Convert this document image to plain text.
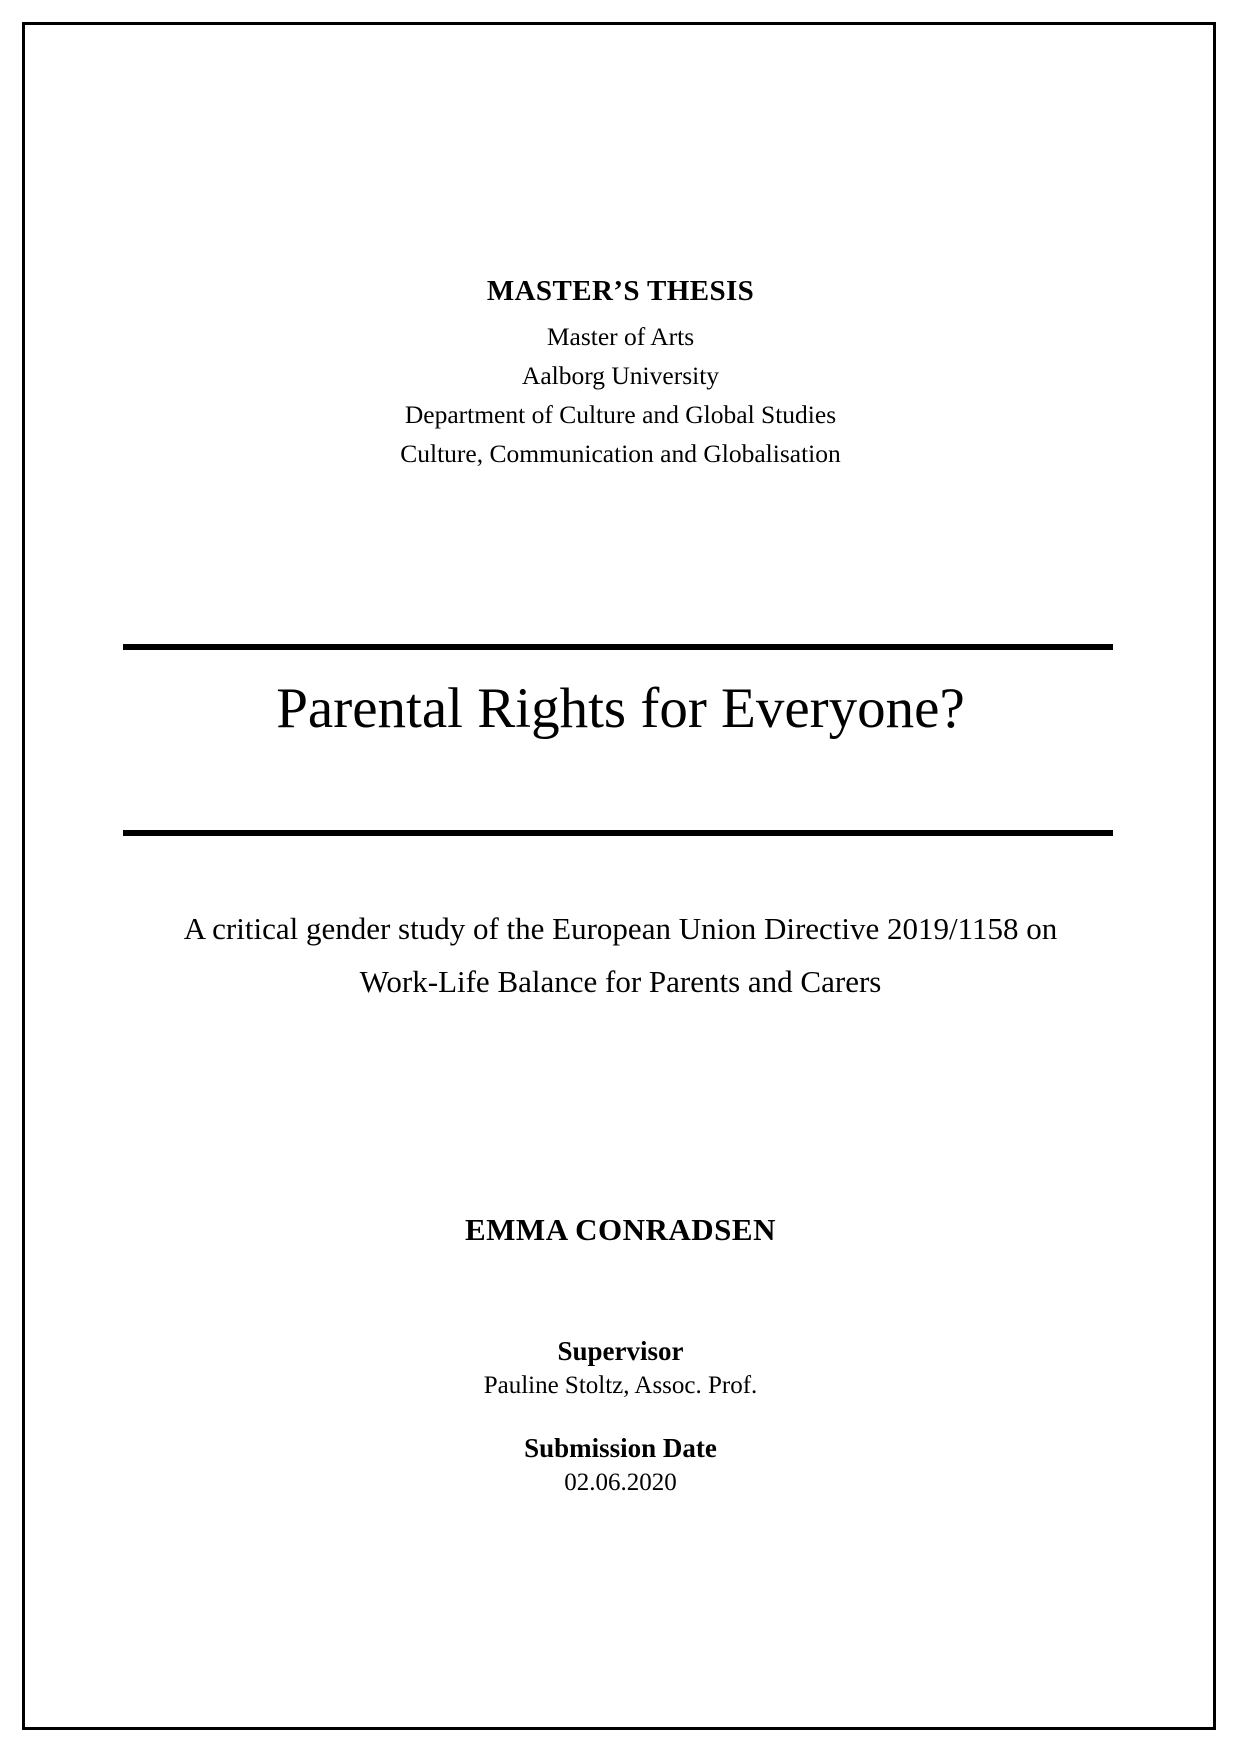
MASTER’S THESIS

Master of Arts

Aalborg University

Department of Culture and Global Studies

Culture, Communication and Globalisation

Parental Rights for Everyone?
A critical gender study of the European Union Directive 2019/1158 on
Work-Life Balance for Parents and Carers
EMMA CONRADSEN

Supervisor

Pauline Stoltz, Assoc. Prof.

Submission Date

02.06.2020
